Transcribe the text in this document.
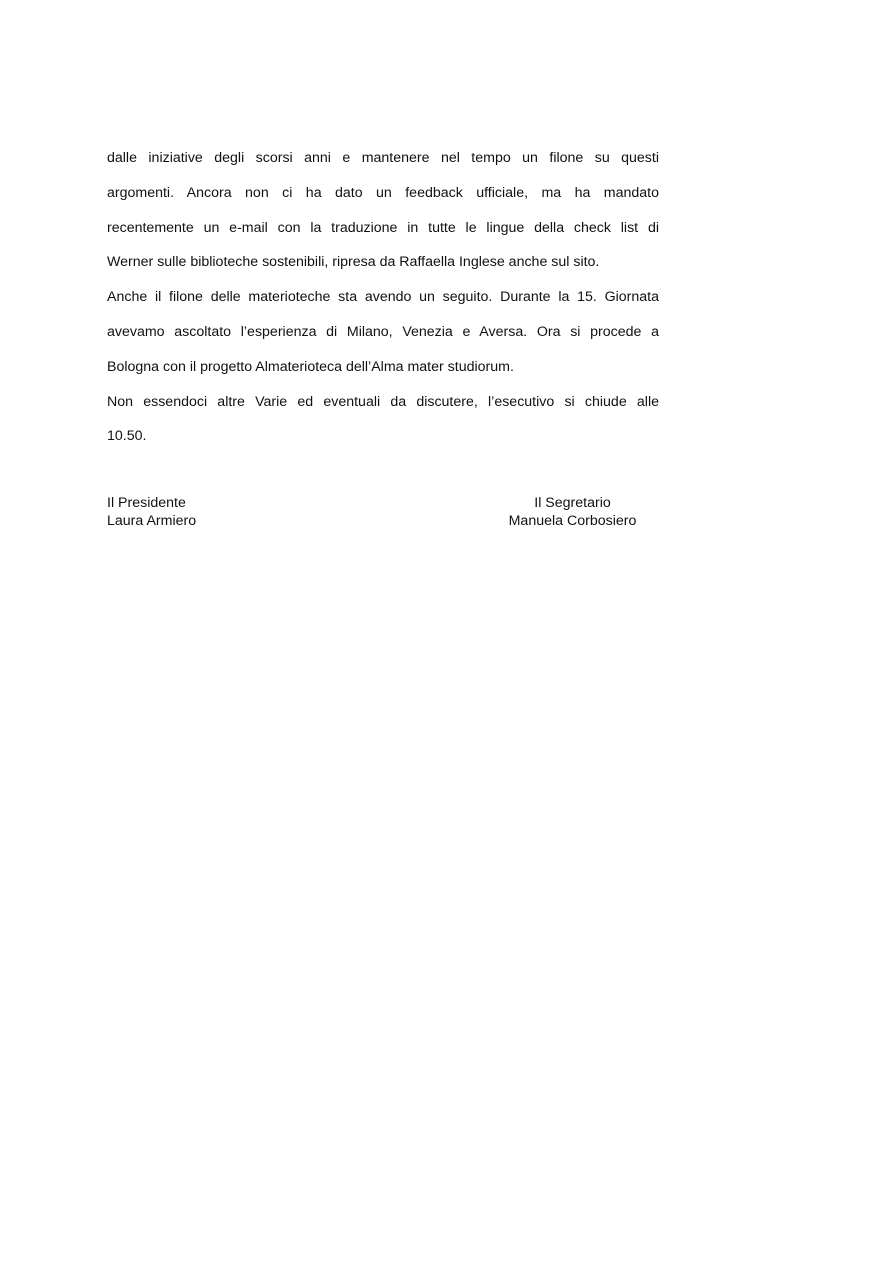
dalle iniziative degli scorsi anni e mantenere nel tempo un filone su questi
argomenti. Ancora non ci ha dato un feedback ufficiale, ma ha mandato
recentemente un e-mail con la traduzione in tutte le lingue della check list di
Werner sulle biblioteche sostenibili, ripresa da Raffaella Inglese anche sul sito.
Anche il filone delle materioteche sta avendo un seguito. Durante la 15. Giornata
avevamo ascoltato l’esperienza di Milano, Venezia e Aversa. Ora si procede a
Bologna con il progetto Almaterioteca dell’Alma mater studiorum.
Non essendoci altre Varie ed eventuali da discutere, l’esecutivo si chiude alle
10.50.
Il Presidente
Laura Armiero
Il Segretario
Manuela Corbosiero
